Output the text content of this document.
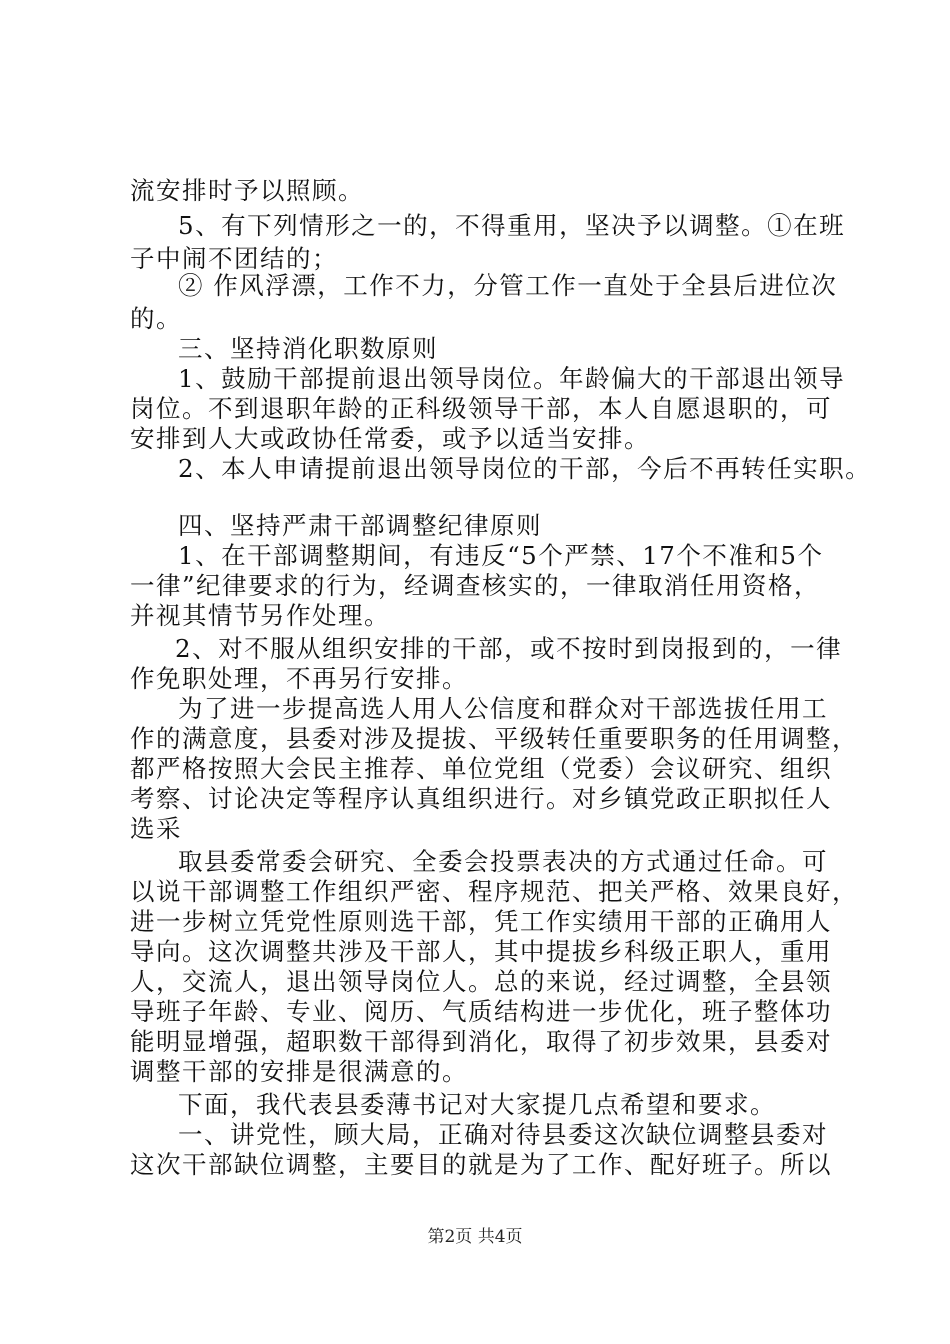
流安排时予以照顾。
5、有下列情形之一的，不得重用，坚决予以调整。①在班
子中闹不团结的；
② 作风浮漂，工作不力，分管工作一直处于全县后进位次
的。
三、坚持消化职数原则
1、鼓励干部提前退出领导岗位。年龄偏大的干部退出领导
岗位。不到退职年龄的正科级领导干部，本人自愿退职的，可
安排到人大或政协任常委，或予以适当安排。
2、本人申请提前退出领导岗位的干部，今后不再转任实职。
四、坚持严肃干部调整纪律原则
1、在干部调整期间，有违反“5个严禁、17个不准和5个
一律”纪律要求的行为，经调查核实的，一律取消任用资格，
并视其情节另作处理。
2、对不服从组织安排的干部，或不按时到岗报到的，一律
作免职处理，不再另行安排。
为了进一步提高选人用人公信度和群众对干部选拔任用工
作的满意度，县委对涉及提拔、平级转任重要职务的任用调整，
都严格按照大会民主推荐、单位党组（党委）会议研究、组织
考察、讨论决定等程序认真组织进行。对乡镇党政正职拟任人
选采
取县委常委会研究、全委会投票表决的方式通过任命。可
以说干部调整工作组织严密、程序规范、把关严格、效果良好，
进一步树立凭党性原则选干部，凭工作实绩用干部的正确用人
导向。这次调整共涉及干部人，其中提拔乡科级正职人，重用
人，交流人，退出领导岗位人。总的来说，经过调整，全县领
导班子年龄、专业、阅历、气质结构进一步优化，班子整体功
能明显增强，超职数干部得到消化，取得了初步效果，县委对
调整干部的安排是很满意的。
下面，我代表县委薄书记对大家提几点希望和要求。
一、讲党性，顾大局，正确对待县委这次缺位调整县委对
这次干部缺位调整，主要目的就是为了工作、配好班子。所以
第2页 共4页
